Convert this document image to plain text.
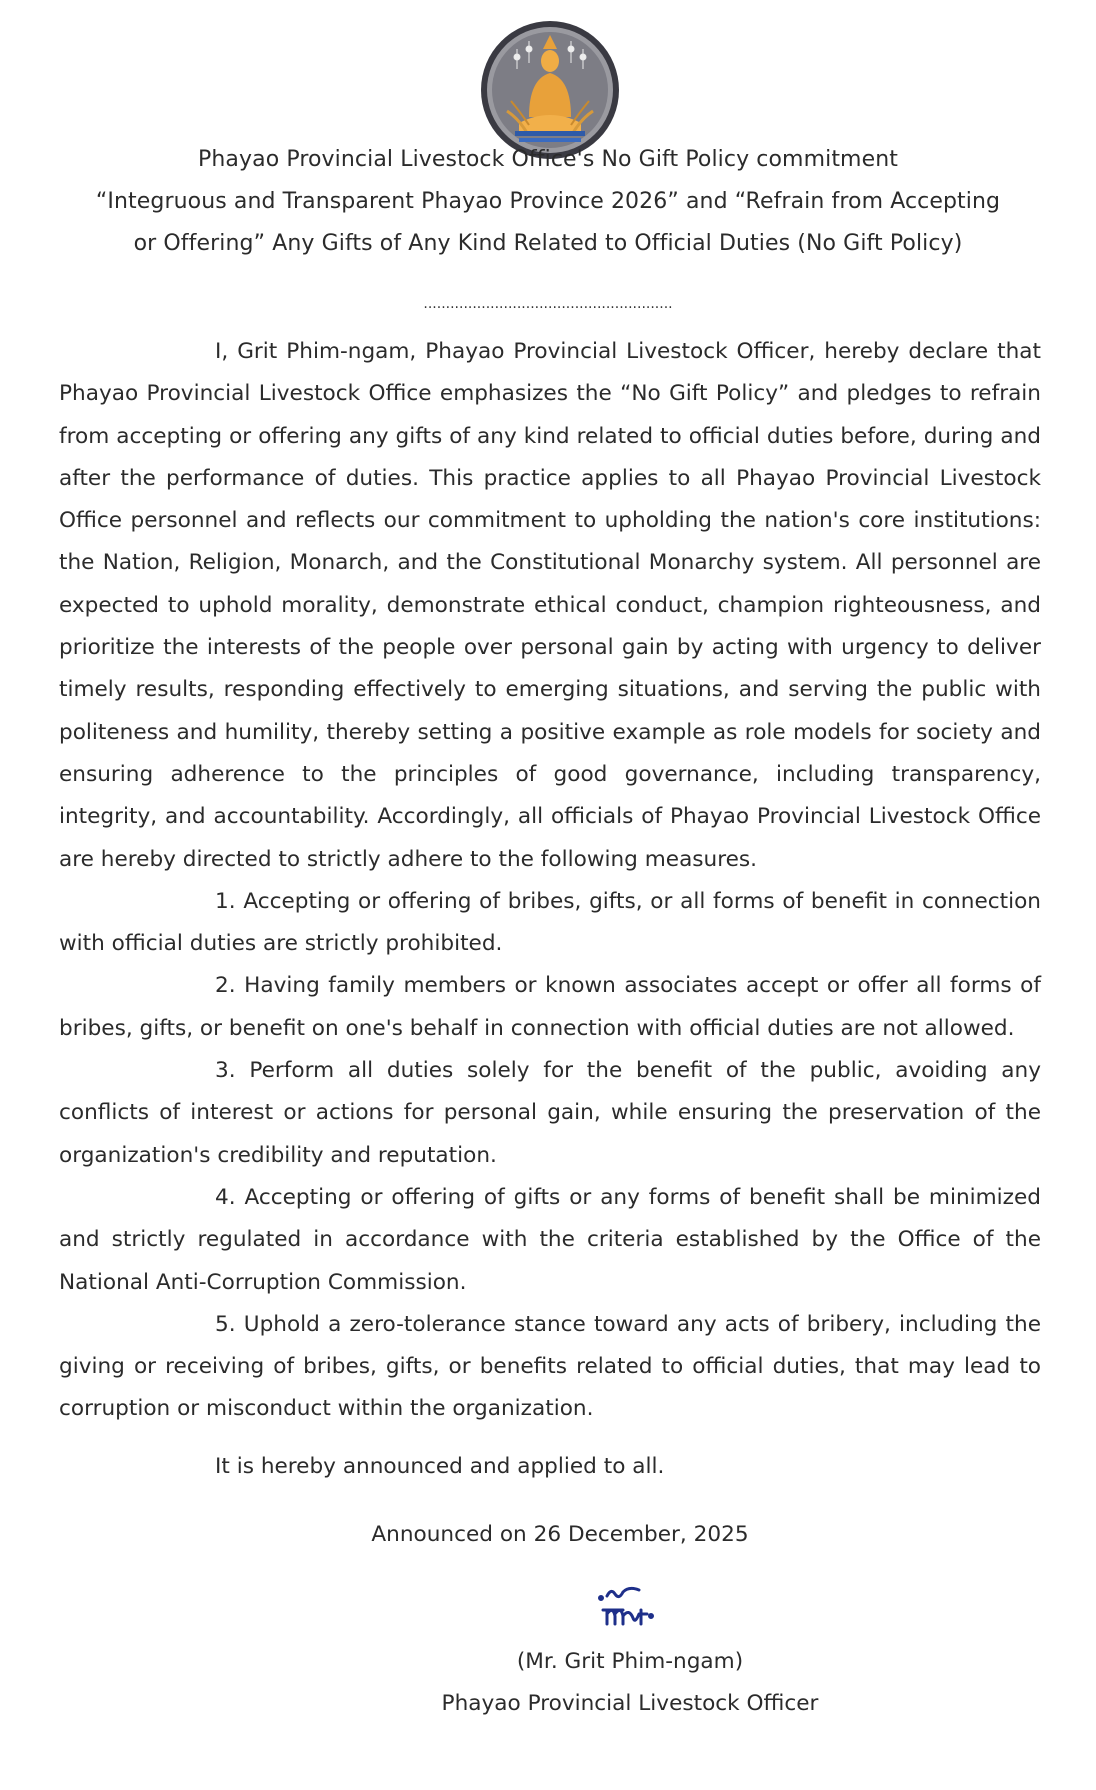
Phayao Provincial Livestock Office's No Gift Policy commitment
“Integruous and Transparent Phayao Province 2026” and “Refrain from Accepting
or Offering” Any Gifts of Any Kind Related to Official Duties (No Gift Policy)
........................................................

I, Grit Phim-ngam, Phayao Provincial Livestock Officer, hereby declare that Phayao Provincial Livestock Office emphasizes the “No Gift Policy” and pledges to refrain from accepting or offering any gifts of any kind related to official duties before, during and after the performance of duties. This practice applies to all Phayao Provincial Livestock Office personnel and reflects our commitment to upholding the nation's core institutions: the Nation, Religion, Monarch, and the Constitutional Monarchy system. All personnel are expected to uphold morality, demonstrate ethical conduct, champion righteousness, and prioritize the interests of the people over personal gain by acting with urgency to deliver timely results, responding effectively to emerging situations, and serving the public with politeness and humility, thereby setting a positive example as role models for society and ensuring adherence to the principles of good governance, including transparency, integrity, and accountability. Accordingly, all officials of Phayao Provincial Livestock Office are hereby directed to strictly adhere to the following measures.

1. Accepting or offering of bribes, gifts, or all forms of benefit in connection with official duties are strictly prohibited.

2. Having family members or known associates accept or offer all forms of bribes, gifts, or benefit on one's behalf in connection with official duties are not allowed.

3. Perform all duties solely for the benefit of the public, avoiding any conflicts of interest or actions for personal gain, while ensuring the preservation of the organization's credibility and reputation.

4. Accepting or offering of gifts or any forms of benefit shall be minimized and strictly regulated in accordance with the criteria established by the Office of the National Anti-Corruption Commission.

5. Uphold a zero-tolerance stance toward any acts of bribery, including the giving or receiving of bribes, gifts, or benefits related to official duties, that may lead to corruption or misconduct within the organization.

It is hereby announced and applied to all.
Announced on 26 December, 2025
(Mr. Grit Phim-ngam)
Phayao Provincial Livestock Officer
